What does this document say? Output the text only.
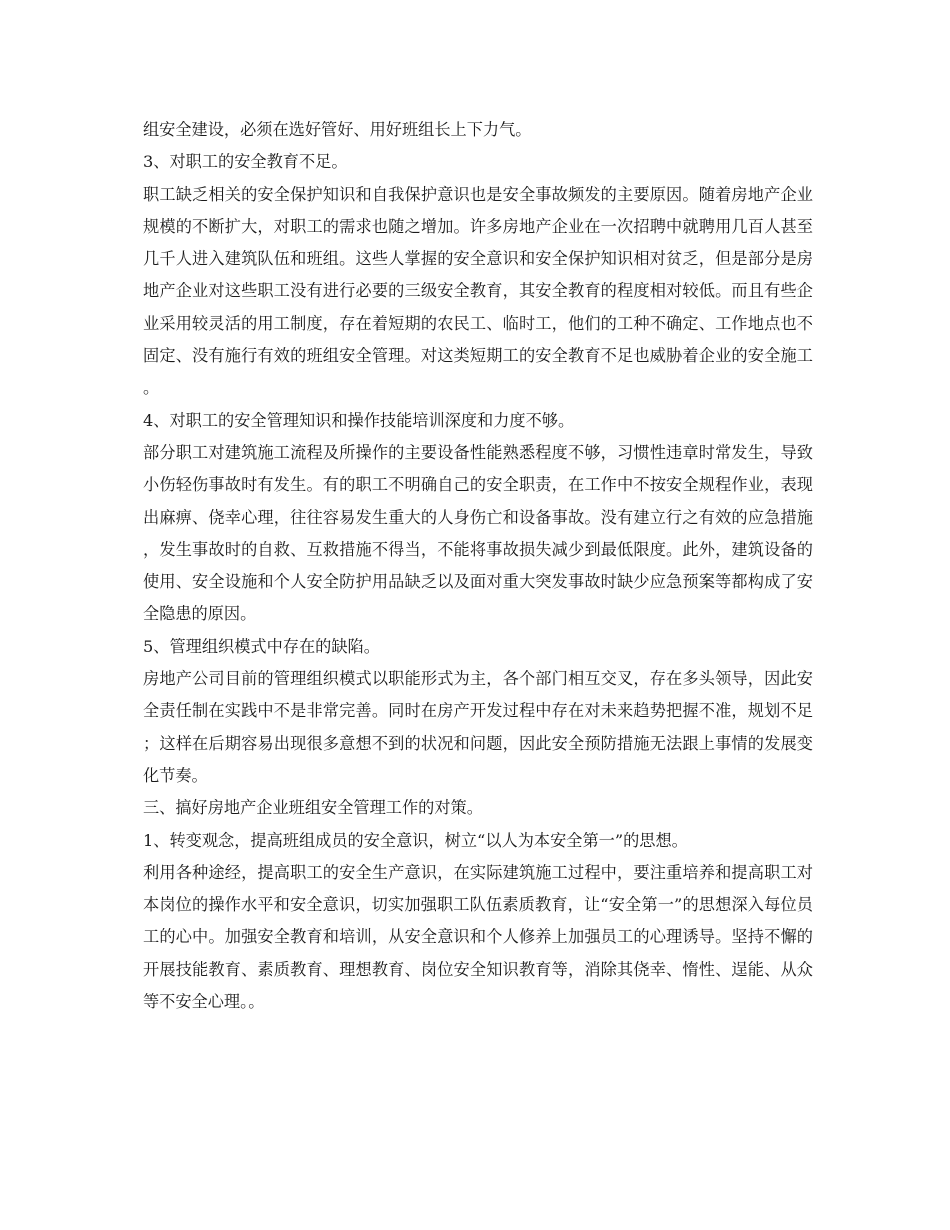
组安全建设，必须在选好管好、用好班组长上下力气。

3、对职工的安全教育不足。

职工缺乏相关的安全保护知识和自我保护意识也是安全事故频发的主要原因。随着房地产企业规模的不断扩大，对职工的需求也随之增加。许多房地产企业在一次招聘中就聘用几百人甚至几千人进入建筑队伍和班组。这些人掌握的安全意识和安全保护知识相对贫乏，但是部分是房地产企业对这些职工没有进行必要的三级安全教育，其安全教育的程度相对较低。而且有些企业采用较灵活的用工制度，存在着短期的农民工、临时工，他们的工种不确定、工作地点也不固定、没有施行有效的班组安全管理。对这类短期工的安全教育不足也威胁着企业的安全施工。

4、对职工的安全管理知识和操作技能培训深度和力度不够。

部分职工对建筑施工流程及所操作的主要设备性能熟悉程度不够，习惯性违章时常发生，导致小伤轻伤事故时有发生。有的职工不明确自己的安全职责，在工作中不按安全规程作业，表现出麻痹、侥幸心理，往往容易发生重大的人身伤亡和设备事故。没有建立行之有效的应急措施，发生事故时的自救、互救措施不得当，不能将事故损失减少到最低限度。此外，建筑设备的使用、安全设施和个人安全防护用品缺乏以及面对重大突发事故时缺少应急预案等都构成了安全隐患的原因。

5、管理组织模式中存在的缺陷。

房地产公司目前的管理组织模式以职能形式为主，各个部门相互交叉，存在多头领导，因此安全责任制在实践中不是非常完善。同时在房产开发过程中存在对未来趋势把握不准，规划不足；这样在后期容易出现很多意想不到的状况和问题，因此安全预防措施无法跟上事情的发展变化节奏。

三、搞好房地产企业班组安全管理工作的对策。

1、转变观念，提高班组成员的安全意识，树立“以人为本安全第一”的思想。

利用各种途经，提高职工的安全生产意识，在实际建筑施工过程中，要注重培养和提高职工对本岗位的操作水平和安全意识，切实加强职工队伍素质教育，让“安全第一”的思想深入每位员工的心中。加强安全教育和培训，从安全意识和个人修养上加强员工的心理诱导。坚持不懈的开展技能教育、素质教育、理想教育、岗位安全知识教育等，消除其侥幸、惰性、逞能、从众等不安全心理。。
